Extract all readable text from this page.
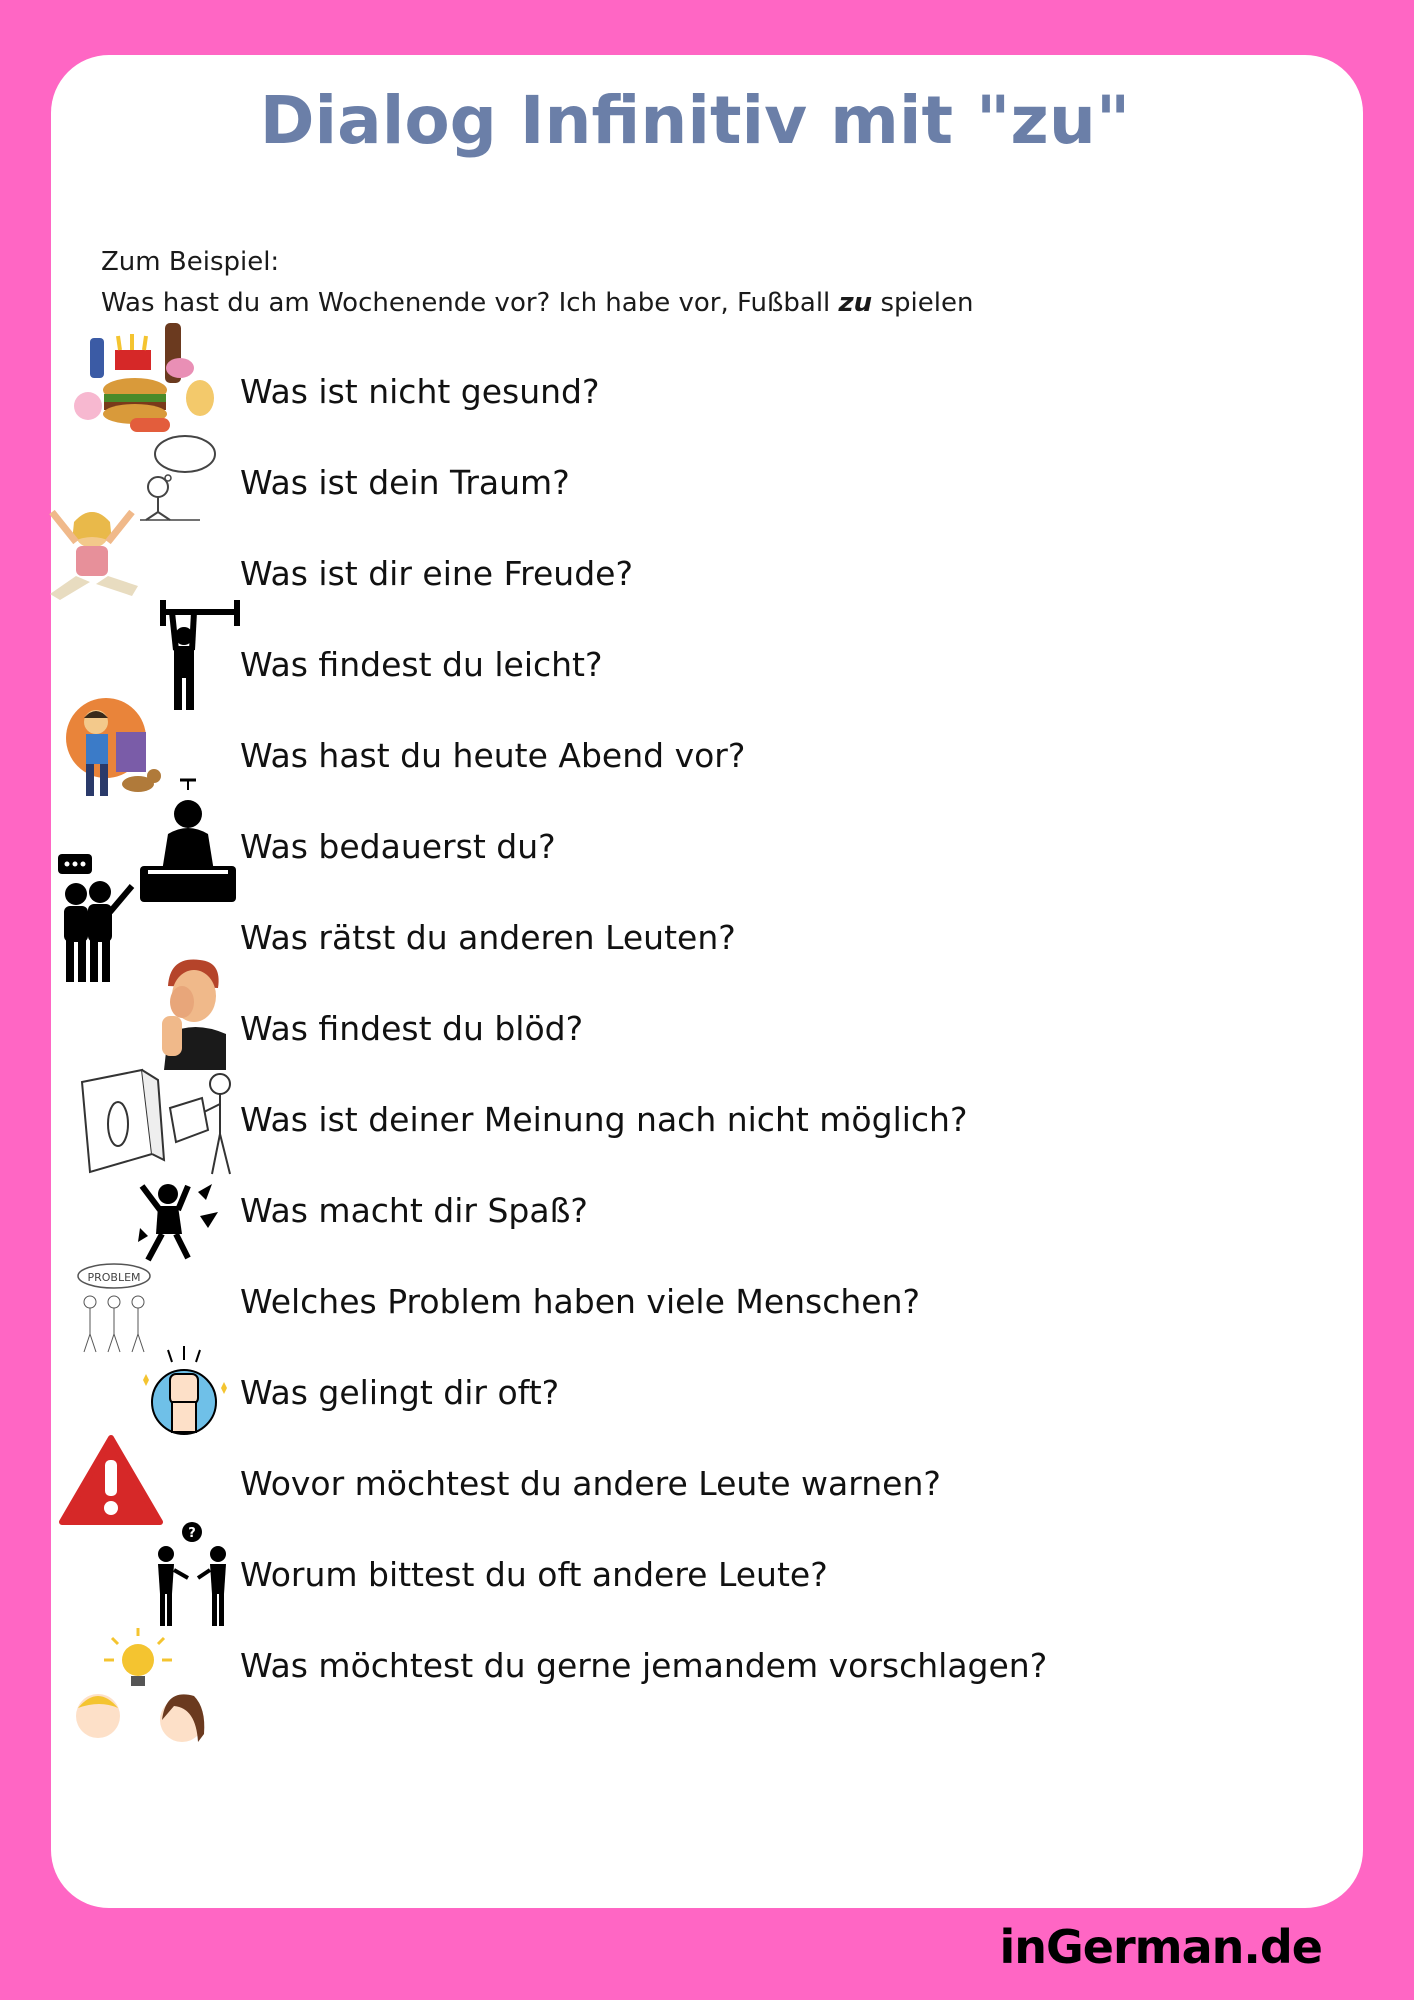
Dialog Infinitiv mit "zu"
Zum Beispiel:
Was hast du am Wochenende vor? Ich habe vor, Fußball zu spielen
Was ist nicht gesund?
Was ist dein Traum?
Was ist dir eine Freude?
Was findest du leicht?
Was hast du heute Abend vor?
Was bedauerst du?
Was rätst du anderen Leuten?
Was findest du blöd?
Was ist deiner Meinung nach nicht möglich?
Was macht dir Spaß?
Welches Problem haben viele Menschen?
Was gelingt dir oft?
Wovor möchtest du andere Leute warnen?
Worum bittest du oft andere Leute?
Was möchtest du gerne jemandem vorschlagen?
PROBLEM
?
inGerman.de
